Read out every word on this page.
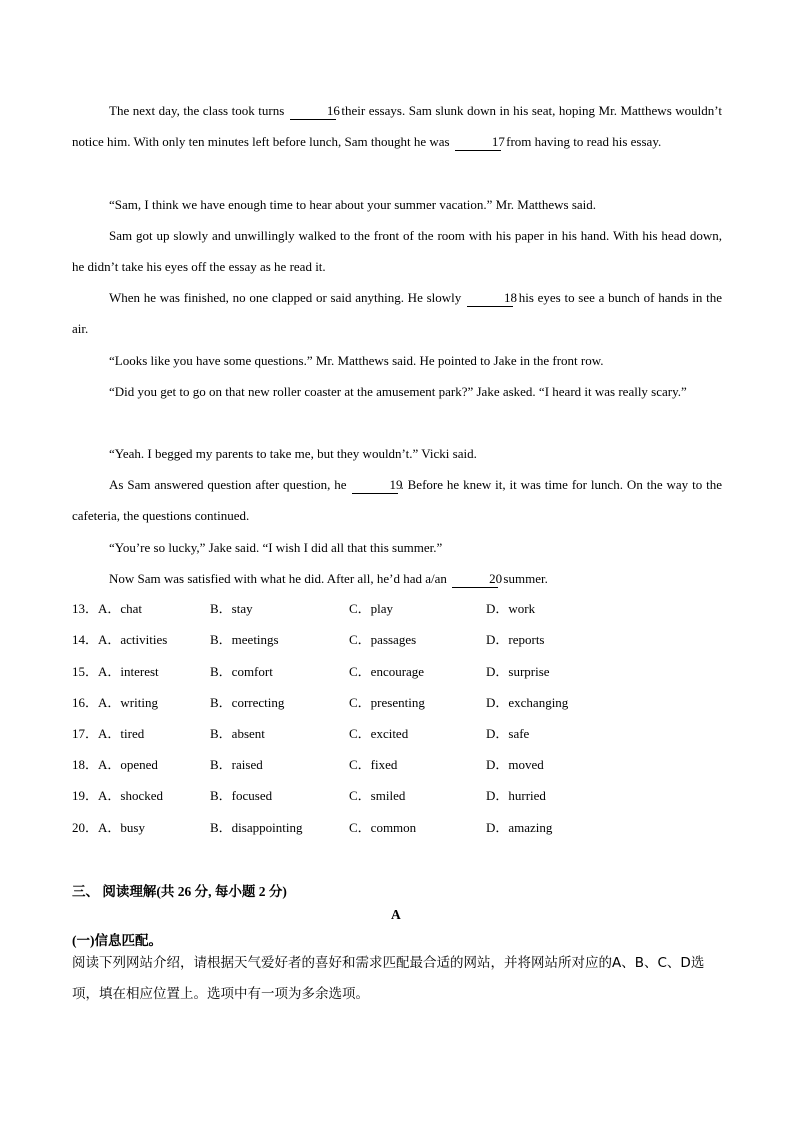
The next day, the class took turns	16 their essays. Sam slunk down in his seat, hoping Mr. Matthews wouldn’t notice him. With only ten minutes left before lunch, Sam thought he was	17 from having to read his essay.

“Sam, I think we have enough time to hear about your summer vacation.” Mr. Matthews said.

Sam got up slowly and unwillingly walked to the front of the room with his paper in his hand. With his head down, he didn’t take his eyes off the essay as he read it.

When he was finished, no one clapped or said anything. He slowly	18 his eyes to see a bunch of hands in the air.

“Looks like you have some questions.” Mr. Matthews said. He pointed to Jake in the front row.

“Did you get to go on that new roller coaster at the amusement park?” Jake asked. “I heard it was really scary.”

“Yeah. I begged my parents to take me, but they wouldn’t.” Vicki said.

As Sam answered question after question, he	19. Before he knew it, it was time for lunch. On the way to the cafeteria, the questions continued.

“You’re so lucky,” Jake said. “I wish I did all that this summer.”

Now Sam was satisfied with what he did. After all, he’d had a/an	20 summer.

13．A．chat	B．stay	C．play	D．work
14．A．activities	B．meetings	C．passages	D．reports
15．A．interest	B．comfort	C．encourage	D．surprise
16．A．writing	B．correcting	C．presenting	D．exchanging
17．A．tired	B．absent	C．excited	D．safe
18．A．opened	B．raised	C．fixed	D．moved
19．A．shocked	B．focused	C．smiled	D．hurried
20．A．busy	B．disappointing	C．common	D．amazing
三、 阅读理解(共 26 分, 每小题 2 分)
A
(一)信息匹配。

阅读下列网站介绍，请根据天气爱好者的喜好和需求匹配最合适的网站，并将网站所对应的A、B、C、D选项，填在相应位置上。选项中有一项为多余选项。
